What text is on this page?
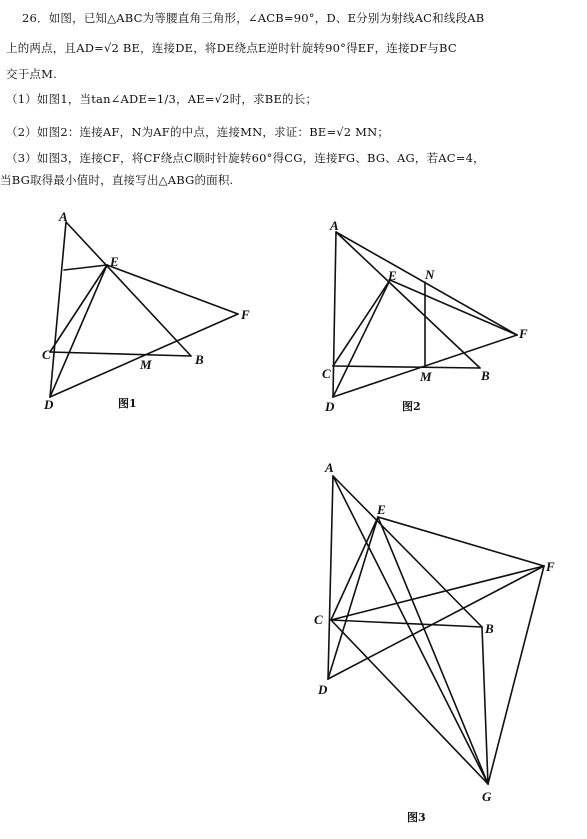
26．如图，已知△ABC为等腰直角三角形，∠ACB=90°，D、E分别为射线AC和线段AB
上的两点，且AD=√2 BE，连接DE，将DE绕点E逆时针旋转90°得EF，连接DF与BC
交于点M.
（1）如图1，当tan∠ADE=1/3，AE=√2时，求BE的长；
（2）如图2：连接AF，N为AF的中点，连接MN，求证：BE=√2 MN；
（3）如图3，连接CF，将CF绕点C顺时针旋转60°得CG，连接FG、BG、AG，若AC=4，
当BG取得最小值时，直接写出△ABG的面积.
A
E
F
C
M	B
D	图1
A
E N
F
C	M	B
D	图2
A
E
F
C
B
D
G
图3
